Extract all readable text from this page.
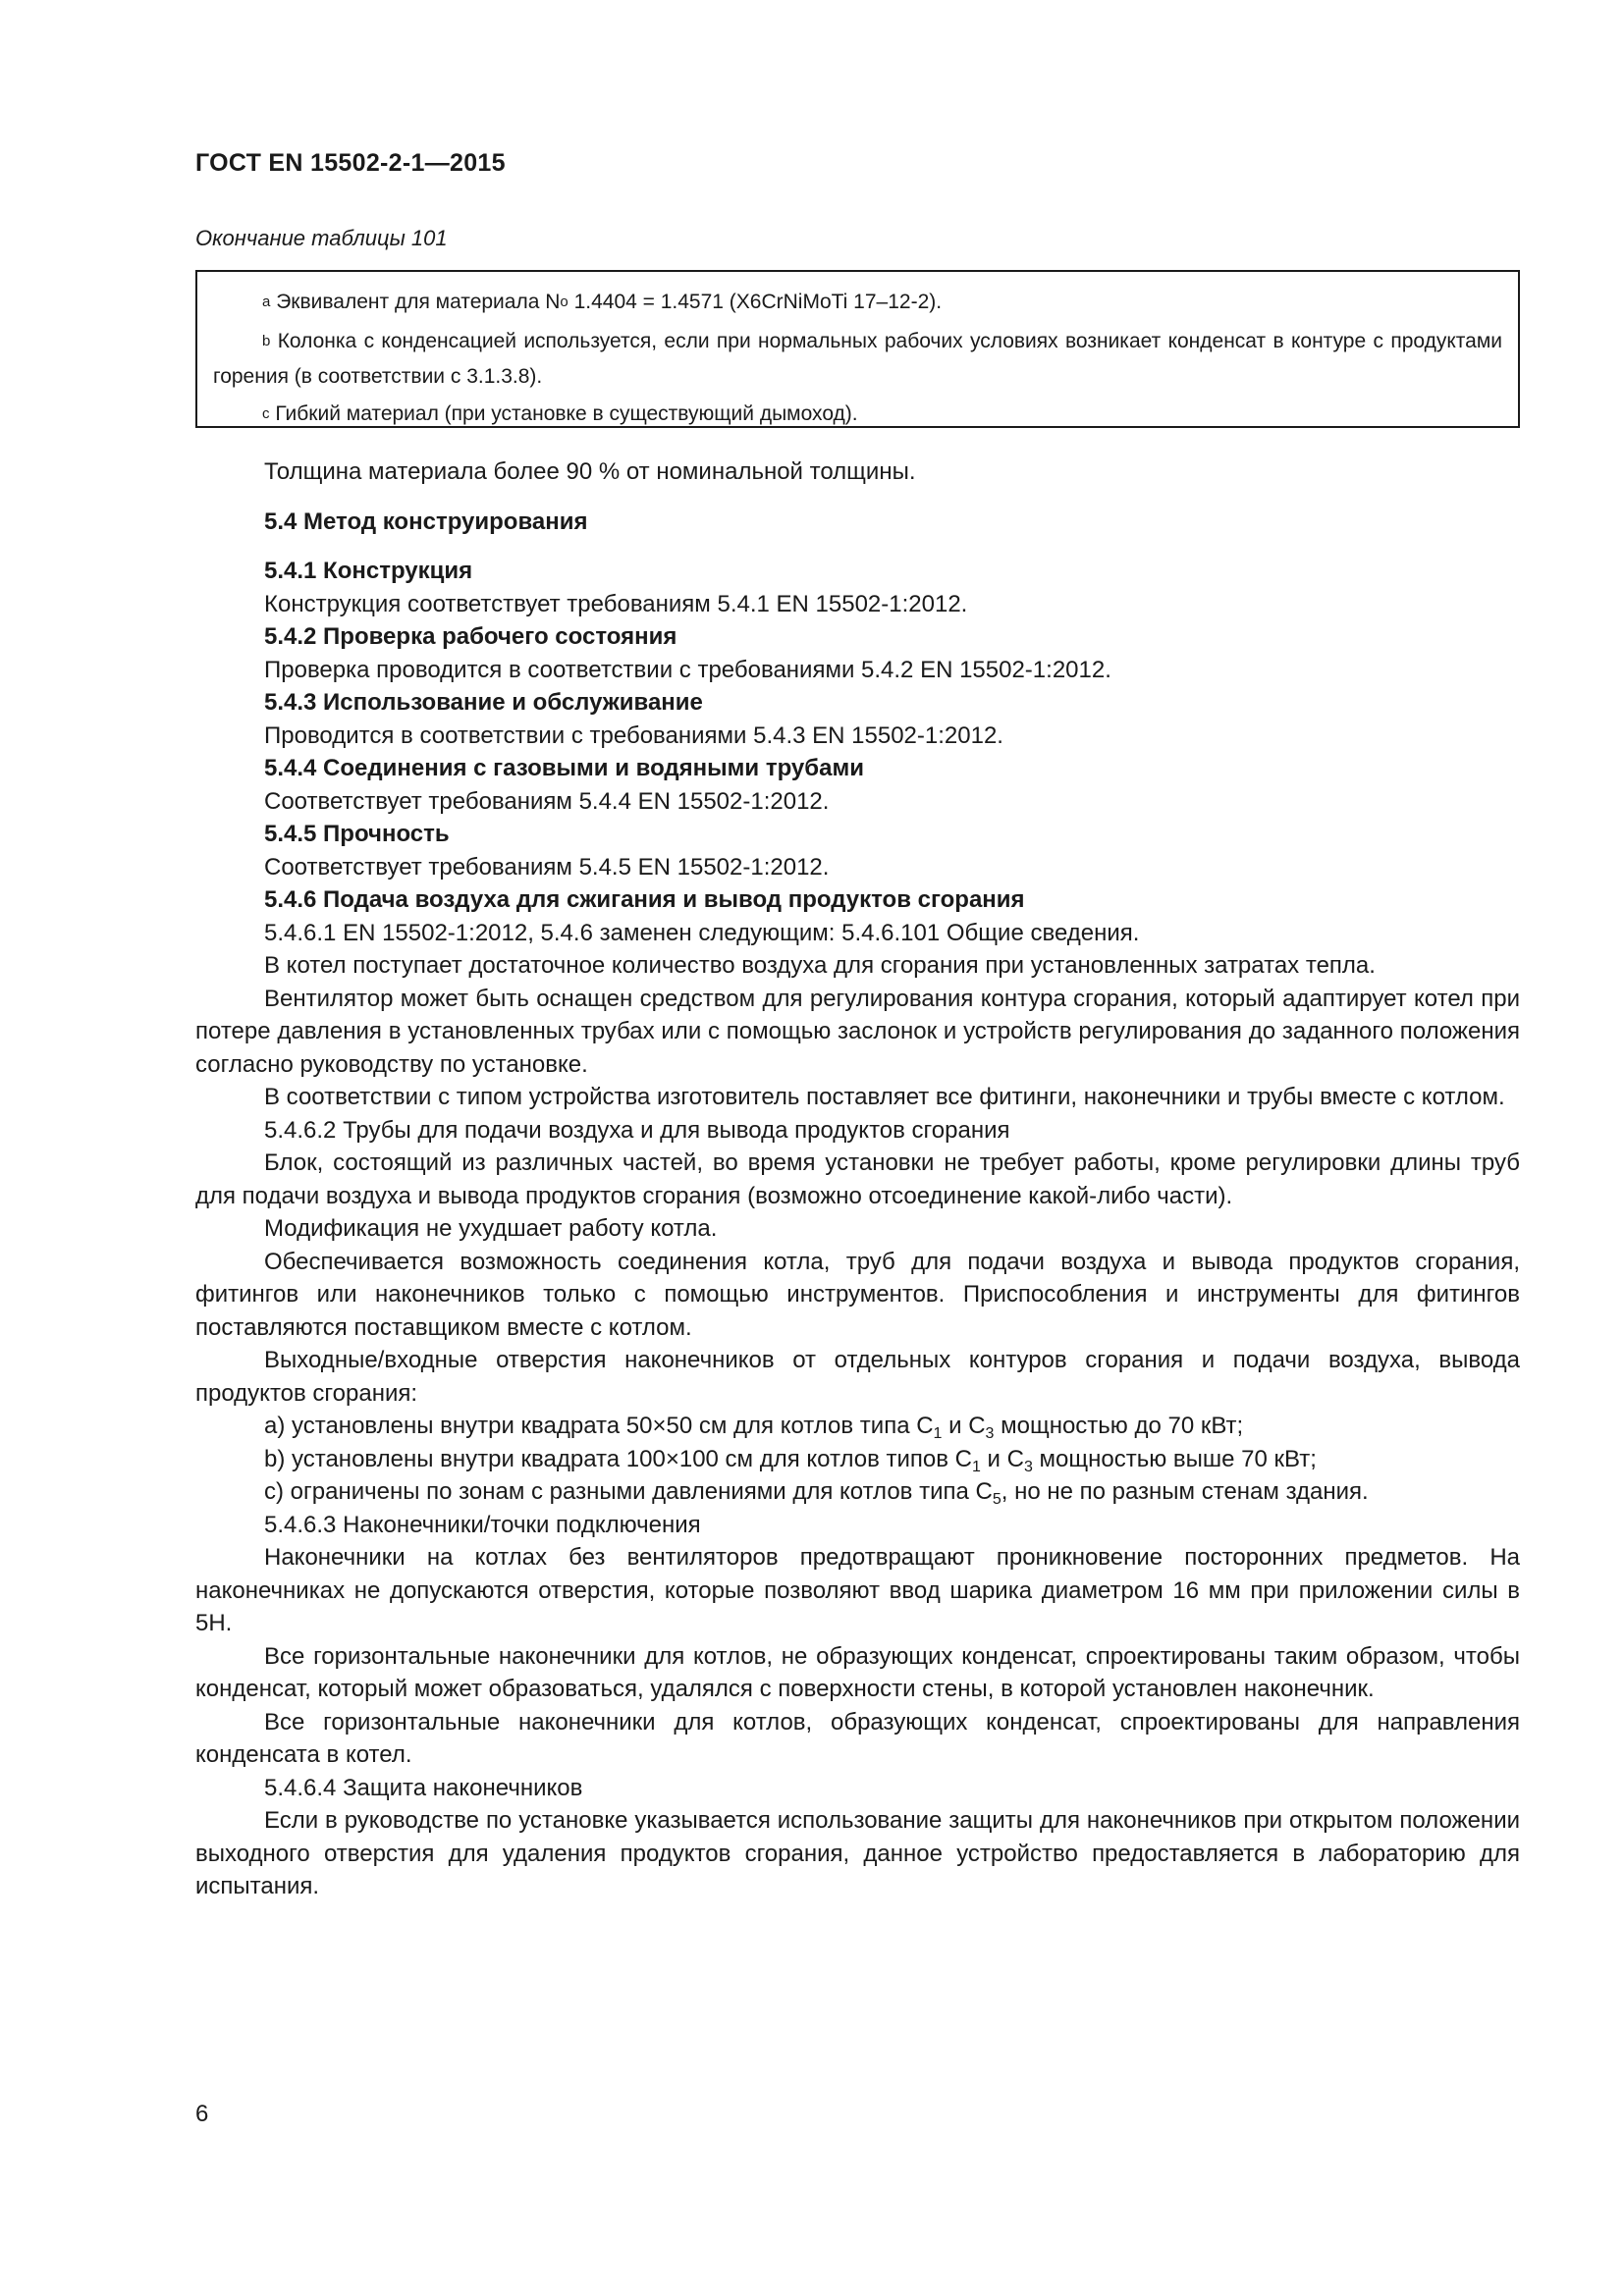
ГОСТ EN 15502-2-1—2015
Окончание таблицы 101

$^a$ Эквивалент для материала $N^o$ 1.4404 = 1.4571 (X6CrNiMoTi 17–12-2).

$^b$ Колонка с конденсацией используется, если при нормальных рабочих условиях возникает конденсат в контуре с продуктами горения (в соответствии с 3.1.3.8).

$^c$ Гибкий материал (при установке в существующий дымоход).

Толщина материала более 90 % от номинальной толщины.

5.4 Метод конструирования

5.4.1 Конструкция

Конструкция соответствует требованиям 5.4.1 EN 15502-1:2012.

5.4.2 Проверка рабочего состояния

Проверка проводится в соответствии с требованиями 5.4.2 EN 15502-1:2012.

5.4.3 Использование и обслуживание

Проводится в соответствии с требованиями 5.4.3 EN 15502-1:2012.

5.4.4 Соединения с газовыми и водяными трубами

Соответствует требованиям 5.4.4 EN 15502-1:2012.

5.4.5 Прочность

Соответствует требованиям 5.4.5 EN 15502-1:2012.

5.4.6 Подача воздуха для сжигания и вывод продуктов сгорания

5.4.6.1 EN 15502-1:2012, 5.4.6 заменен следующим: 5.4.6.101 Общие сведения.

В котел поступает достаточное количество воздуха для сгорания при установленных затратах тепла.

Вентилятор может быть оснащен средством для регулирования контура сгорания, который адаптирует котел при потере давления в установленных трубах или с помощью заслонок и устройств регулирования до заданного положения согласно руководству по установке.

В соответствии с типом устройства изготовитель поставляет все фитинги, наконечники и трубы вместе с котлом.

5.4.6.2 Трубы для подачи воздуха и для вывода продуктов сгорания

Блок, состоящий из различных частей, во время установки не требует работы, кроме регулировки длины труб для подачи воздуха и вывода продуктов сгорания (возможно отсоединение какой-либо части).

Модификация не ухудшает работу котла.

Обеспечивается возможность соединения котла, труб для подачи воздуха и вывода продуктов сгорания, фитингов или наконечников только с помощью инструментов. Приспособления и инструменты для фитингов поставляются поставщиком вместе с котлом.

Выходные/входные отверстия наконечников от отдельных контуров сгорания и подачи воздуха, вывода продуктов сгорания:

a) установлены внутри квадрата 50×50 см для котлов типа $С_1$ и $С_3$ мощностью до 70 кВт;

b) установлены внутри квадрата 100×100 см для котлов типов $С_1$ и $С_3$ мощностью выше 70 кВт;

c) ограничены по зонам с разными давлениями для котлов типа $С_5$, но не по разным стенам здания.

5.4.6.3 Наконечники/точки подключения

Наконечники на котлах без вентиляторов предотвращают проникновение посторонних предметов. На наконечниках не допускаются отверстия, которые позволяют ввод шарика диаметром 16 мм при приложении силы в 5Н.

Все горизонтальные наконечники для котлов, не образующих конденсат, спроектированы таким образом, чтобы конденсат, который может образоваться, удалялся с поверхности стены, в которой установлен наконечник.

Все горизонтальные наконечники для котлов, образующих конденсат, спроектированы для направления конденсата в котел.

5.4.6.4 Защита наконечников

Если в руководстве по установке указывается использование защиты для наконечников при открытом положении выходного отверстия для удаления продуктов сгорания, данное устройство предоставляется в лабораторию для испытания.

6
